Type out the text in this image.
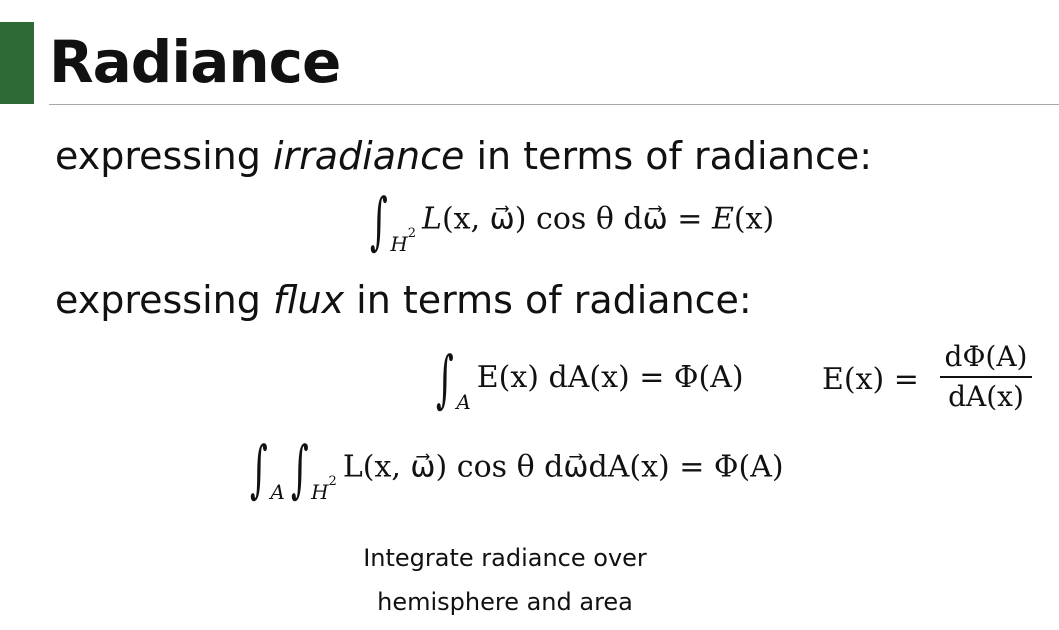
Radiance
expressing irradiance in terms of radiance:
∫ $_{H^2}$ L(x, ω⃗) cos θ dω⃗ = E(x)
expressing flux in terms of radiance:
∫ $_A$E(x) dA(x) = Φ(A)	E(x) =
dΦ(A)
dA(x)
∫ $_A$∫ $_{H^2}$ L(x, ω⃗) cos θ dω⃗dA(x) = Φ(A)
Integrate radiance over
hemisphere and area
